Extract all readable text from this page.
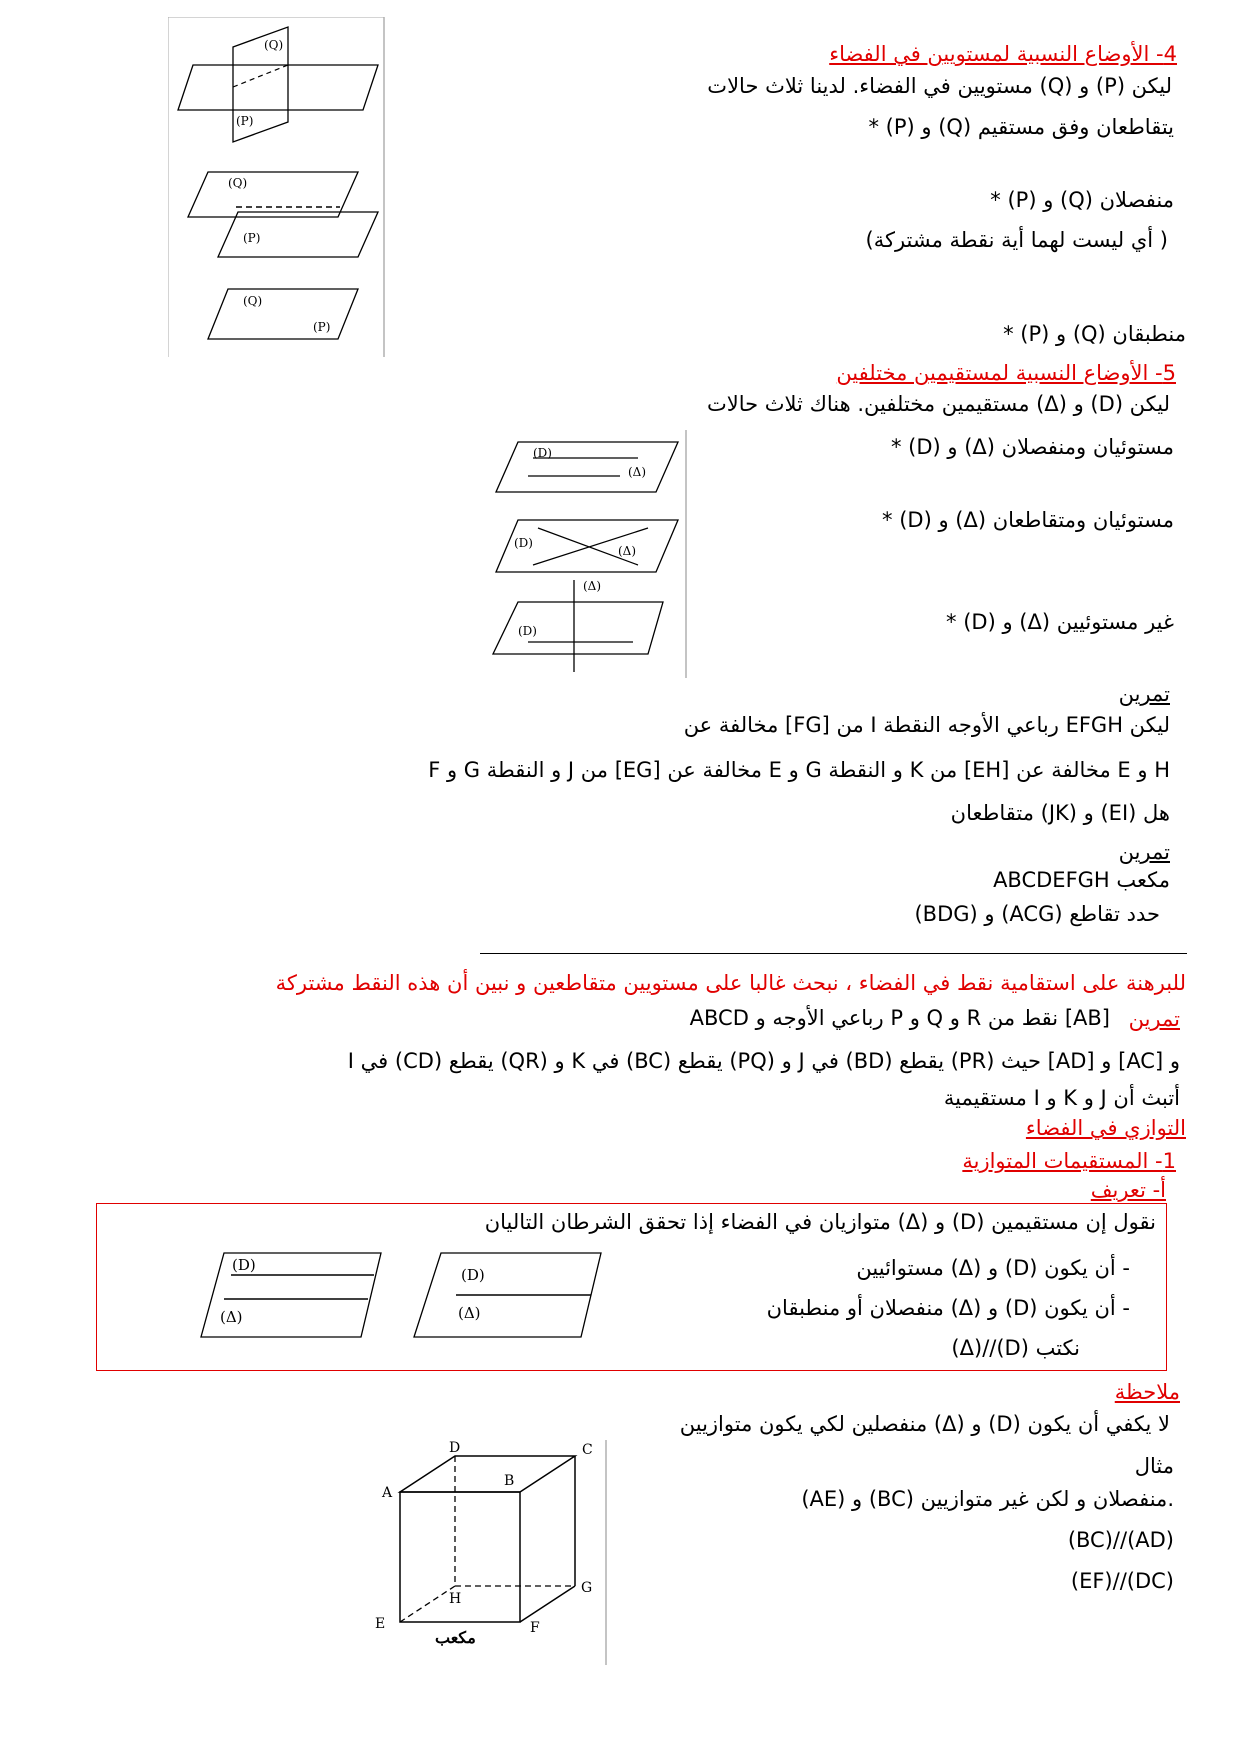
4- الأوضاع النسبية لمستويين في الفضاء
ليكن (P) و (Q) مستويين في الفضاء. لدينا ثلاث حالات
* (P) و (Q) يتقاطعان وفق مستقيم
* (P) و (Q) منفصلان
( أي ليست لهما أية نقطة مشتركة)
* (P) و (Q) منطبقان
(Q)
(P)
(Q)
(P)
(Q)
(P)
5- الأوضاع النسبية لمستقيمين مختلفين
ليكن (D) و (Δ) مستقيمين مختلفين. هناك ثلاث حالات
* (D) و (Δ) مستوئيان ومنفصلان
* (D) و (Δ) مستوئيان ومتقاطعان
* (D) و (Δ) غير مستوئيين
(D)
(Δ)
(D)
(Δ)
(Δ)
(D)
تمرين
ليكن EFGH رباعي الأوجه النقطة I من [FG] مخالفة عن
F و G و النقطة J من [EG] مخالفة عن E و G و النقطة K من [EH] مخالفة عن E و H
هل (EI) و (JK) متقاطعان
تمرين
ABCDEFGH مكعب
حدد تقاطع (ACG) و (BDG)
للبرهنة على استقامية نقط في الفضاء ، نبحث غالبا على مستويين متقاطعين و نبين أن هذه النقط مشتركة
تمرين
ABCD رباعي الأوجه و P و Q و R نقط من [AB]
و [AC] و [AD] حيث (PR) يقطع (BD) في J و (PQ) يقطع (BC) في K و (QR) يقطع (CD) في I
أتبث أن J و K و I مستقيمية
التوازي في الفضاء
1- المستقيمات المتوازية
أ- تعريف
نقول إن مستقيمين (D) و (Δ) متوازيان في الفضاء إذا تحقق الشرطان التاليان
- أن يكون (D) و (Δ) مستوائيين
- أن يكون (D) و (Δ) منفصلان أو منطبقان
نكتب (D)//(Δ)
(D)
(Δ)
(D)
(Δ)
ملاحظة
لا يكفي أن يكون (D) و (Δ) منفصلين لكي يكون متوازيين
مثال
(AE) و (BC) منفصلان و لكن غير متوازيين.
(BC)//(AD)
(EF)//(DC)
A
B
C
D
E	F
G
H
مكعب
